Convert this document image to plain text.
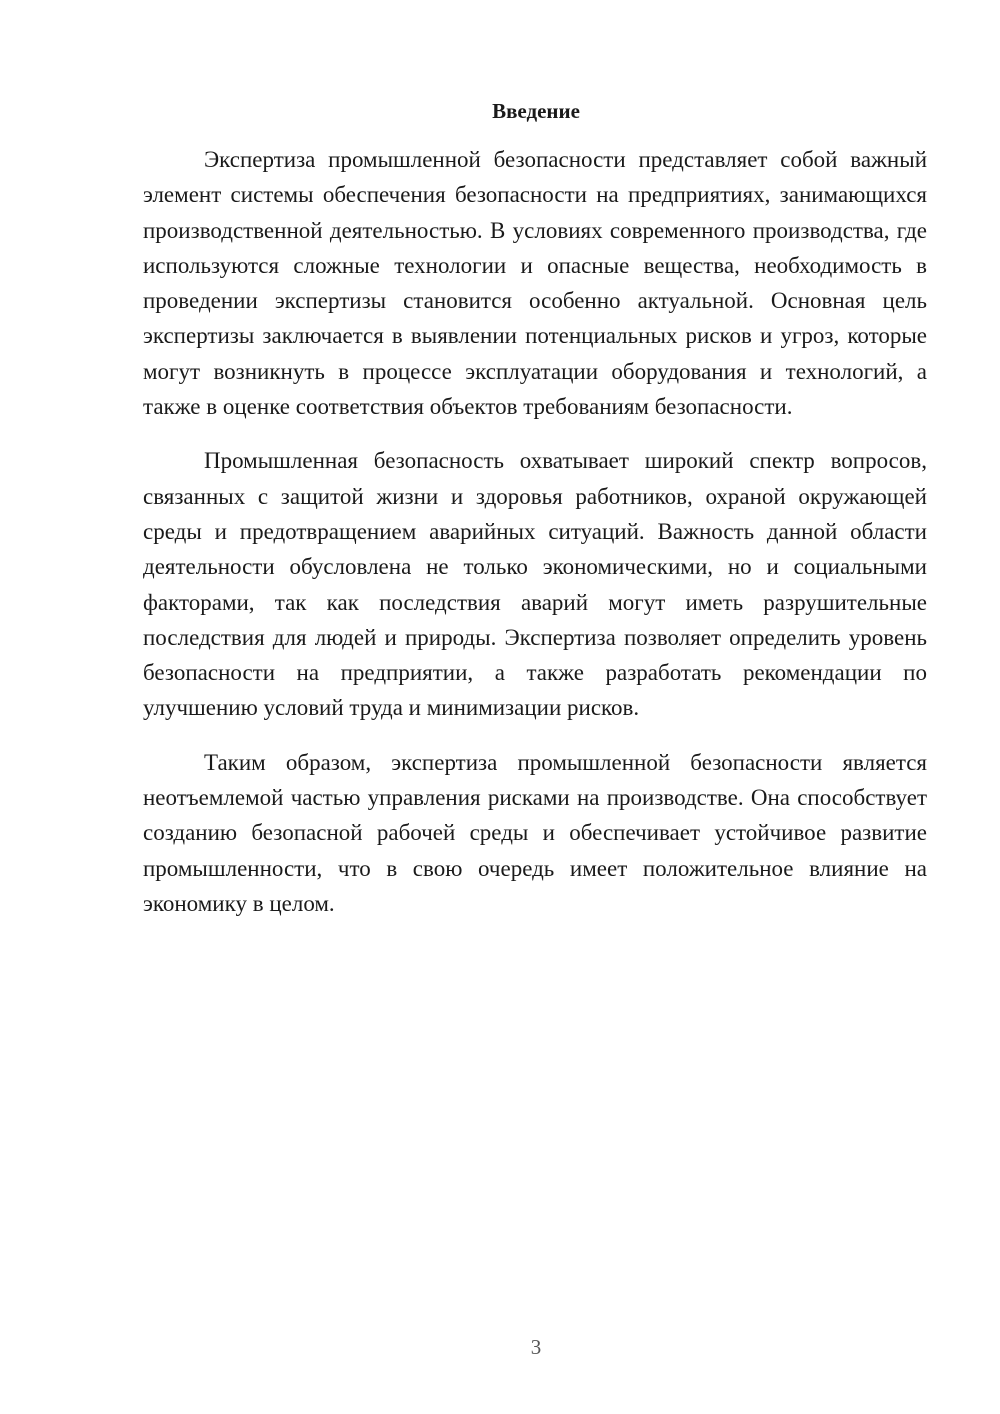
Введение

Экспертиза промышленной безопасности представляет собой важный элемент системы обеспечения безопасности на предприятиях, занимающихся производственной деятельностью. В условиях современного производства, где используются сложные технологии и опасные вещества, необходимость в проведении экспертизы становится особенно актуальной. Основная цель экспертизы заключается в выявлении потенциальных рисков и угроз, которые могут возникнуть в процессе эксплуатации оборудования и технологий, а также в оценке соответствия объектов требованиям безопасности.

Промышленная безопасность охватывает широкий спектр вопросов, связанных с защитой жизни и здоровья работников, охраной окружающей среды и предотвращением аварийных ситуаций. Важность данной области деятельности обусловлена не только экономическими, но и социальными факторами, так как последствия аварий могут иметь разрушительные последствия для людей и природы. Экспертиза позволяет определить уровень безопасности на предприятии, а также разработать рекомендации по улучшению условий труда и минимизации рисков.

Таким образом, экспертиза промышленной безопасности является неотъемлемой частью управления рисками на производстве. Она способствует созданию безопасной рабочей среды и обеспечивает устойчивое развитие промышленности, что в свою очередь имеет положительное влияние на экономику в целом.

3
